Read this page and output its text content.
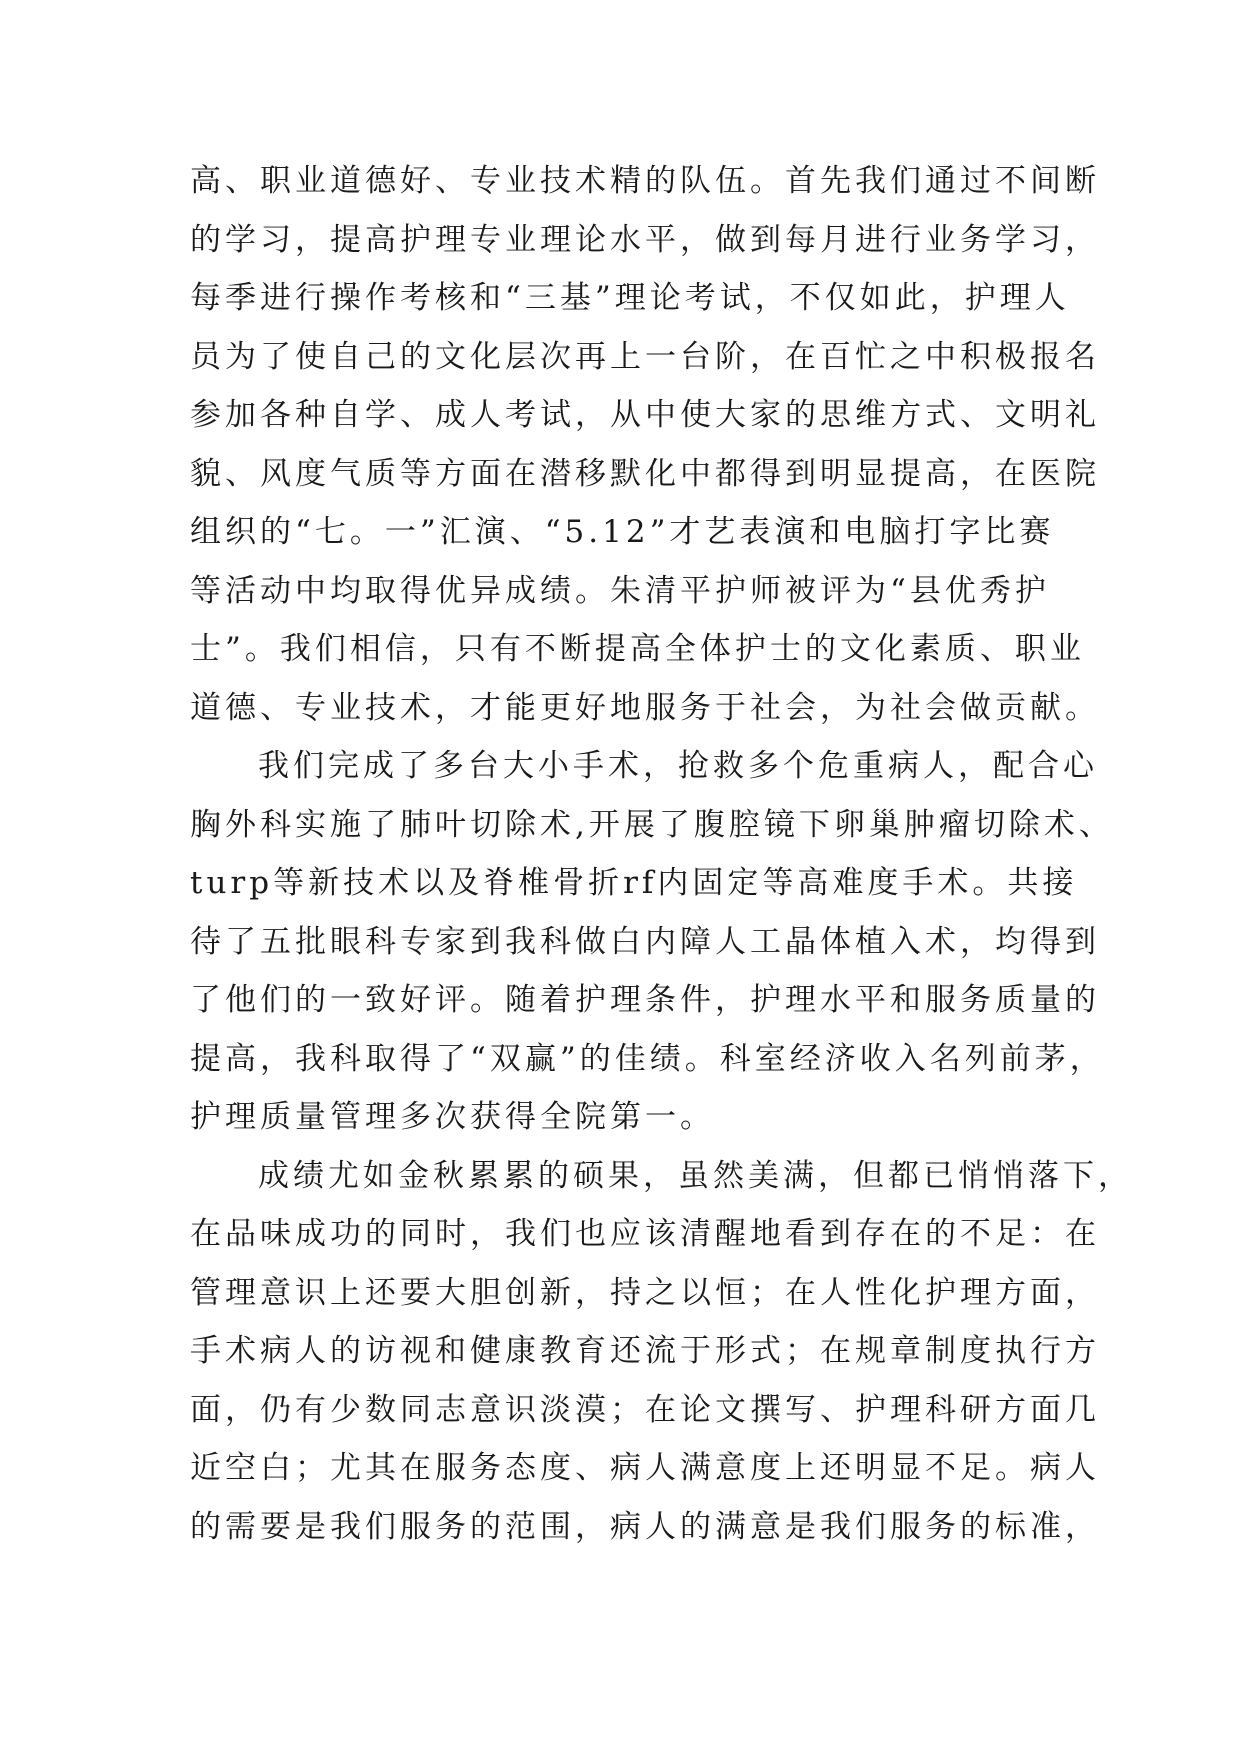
高、职业道德好、专业技术精的队伍。首先我们通过不间断
的学习，提高护理专业理论水平，做到每月进行业务学习，
每季进行操作考核和“三基”理论考试，不仅如此，护理人
员为了使自己的文化层次再上一台阶，在百忙之中积极报名
参加各种自学、成人考试，从中使大家的思维方式、文明礼
貌、风度气质等方面在潜移默化中都得到明显提高，在医院
组织的“七。一”汇演、“5.12”才艺表演和电脑打字比赛
等活动中均取得优异成绩。朱清平护师被评为“县优秀护
士”。我们相信，只有不断提高全体护士的文化素质、职业
道德、专业技术，才能更好地服务于社会，为社会做贡献。
我们完成了多台大小手术，抢救多个危重病人，配合心
胸外科实施了肺叶切除术,开展了腹腔镜下卵巢肿瘤切除术、
turp等新技术以及脊椎骨折rf内固定等高难度手术。共接
待了五批眼科专家到我科做白内障人工晶体植入术，均得到
了他们的一致好评。随着护理条件，护理水平和服务质量的
提高，我科取得了“双赢”的佳绩。科室经济收入名列前茅，
护理质量管理多次获得全院第一。
成绩尤如金秋累累的硕果，虽然美满，但都已悄悄落下，
在品味成功的同时，我们也应该清醒地看到存在的不足：在
管理意识上还要大胆创新，持之以恒；在人性化护理方面，
手术病人的访视和健康教育还流于形式；在规章制度执行方
面，仍有少数同志意识淡漠；在论文撰写、护理科研方面几
近空白；尤其在服务态度、病人满意度上还明显不足。病人
的需要是我们服务的范围，病人的满意是我们服务的标准，
